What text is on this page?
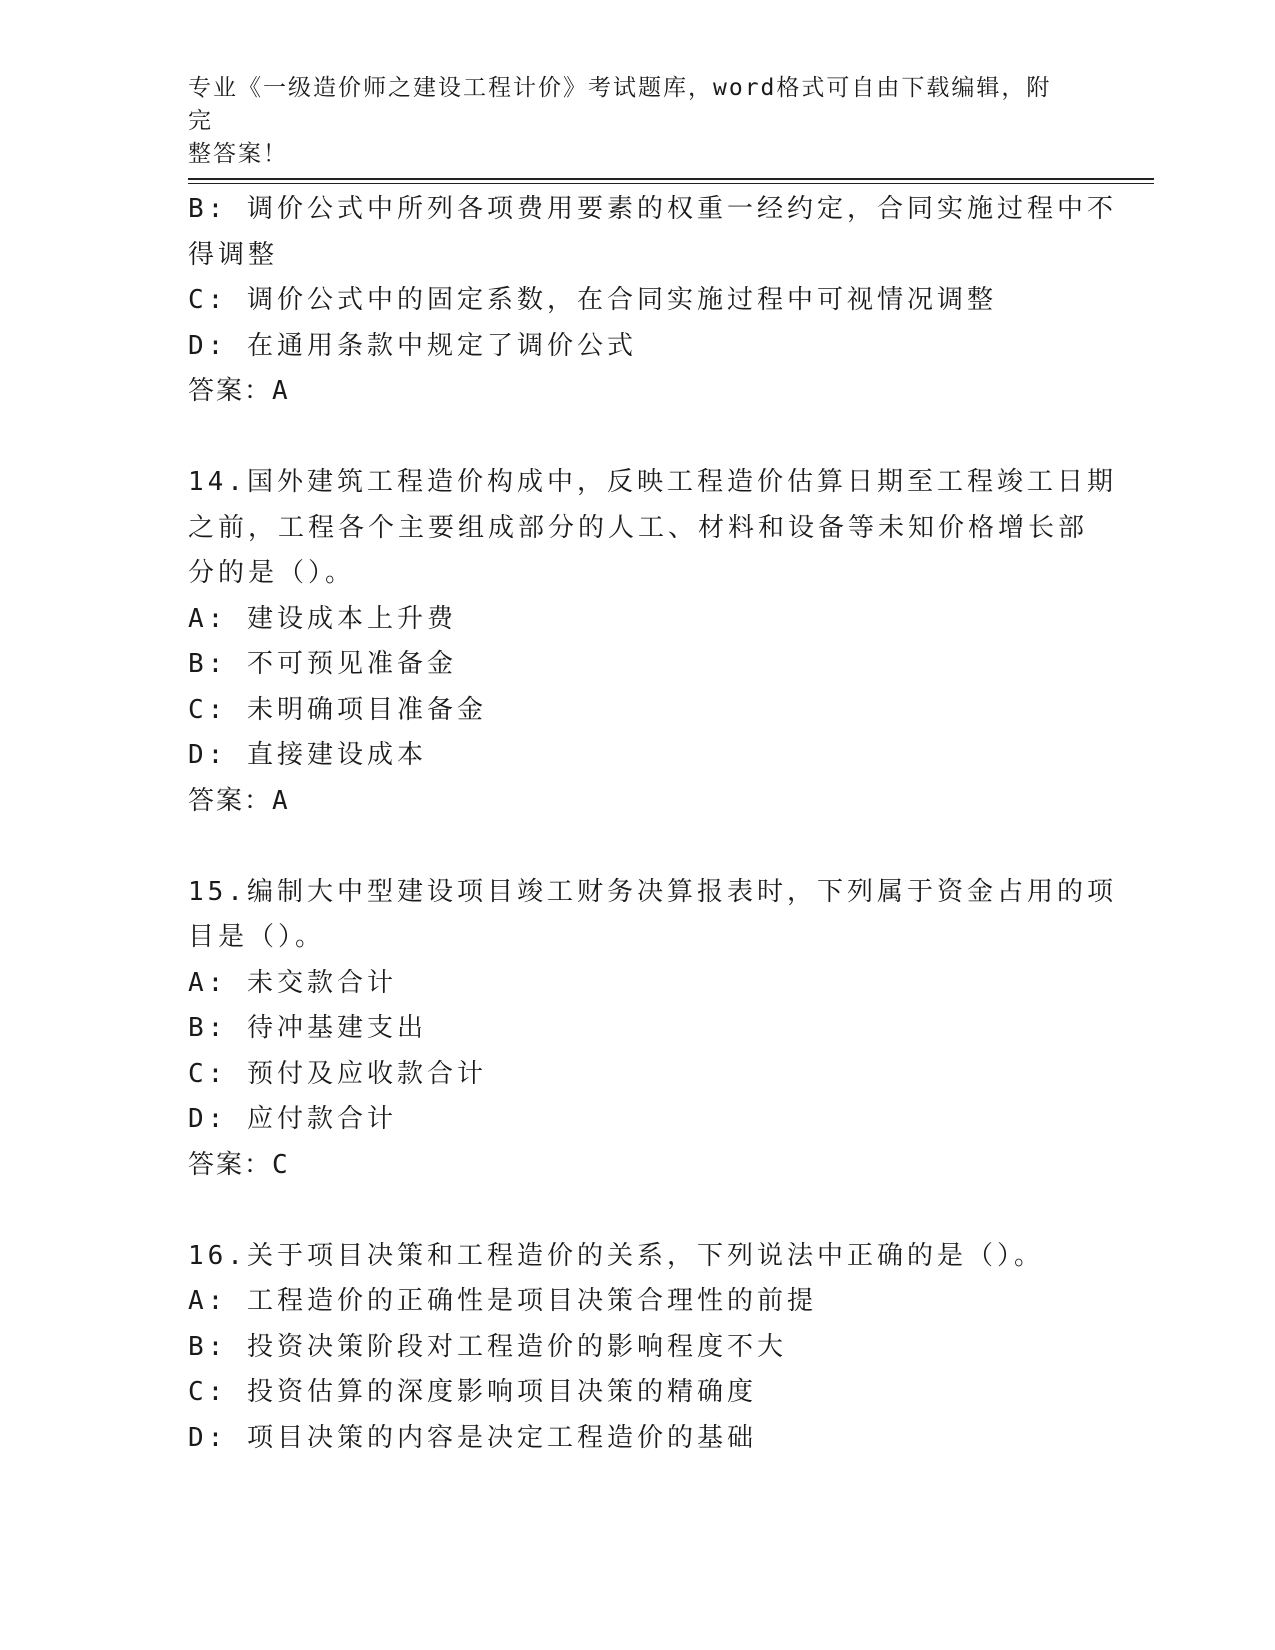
专业《一级造价师之建设工程计价》考试题库，word格式可自由下载编辑，附完
整答案！
B: 调价公式中所列各项费用要素的权重一经约定，合同实施过程中不
得调整
C: 调价公式中的固定系数，在合同实施过程中可视情况调整
D: 在通用条款中规定了调价公式
答案：A
14.国外建筑工程造价构成中，反映工程造价估算日期至工程竣工日期
之前，工程各个主要组成部分的人工、材料和设备等未知价格增长部
分的是（）。
A: 建设成本上升费
B: 不可预见准备金
C: 未明确项目准备金
D: 直接建设成本
答案：A
15.编制大中型建设项目竣工财务决算报表时，下列属于资金占用的项
目是（）。
A: 未交款合计
B: 待冲基建支出
C: 预付及应收款合计
D: 应付款合计
答案：C
16.关于项目决策和工程造价的关系，下列说法中正确的是（）。
A: 工程造价的正确性是项目决策合理性的前提
B: 投资决策阶段对工程造价的影响程度不大
C: 投资估算的深度影响项目决策的精确度
D: 项目决策的内容是决定工程造价的基础
